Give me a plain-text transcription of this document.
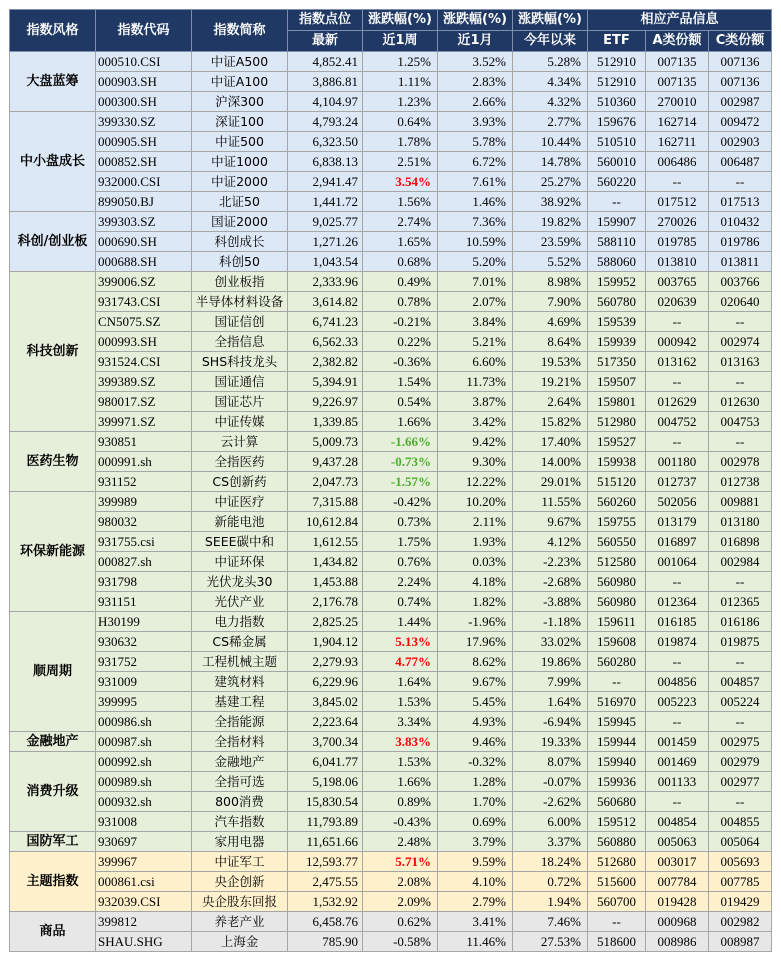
指数风格	指数代码	指数简称	指数点位	涨跌幅(%)	涨跌幅(%)	涨跌幅(%)	相应产品信息		
			最新	近1周	近1月	今年以来	ETF	A类份额	C类份额
大盘蓝筹	000510.CSI	中证A500	4,852.41	1.25%	3.52%	5.28%	512910	007135	007136
	000903.SH	中证A100	3,886.81	1.11%	2.83%	4.34%	512910	007135	007136
	000300.SH	沪深300	4,104.97	1.23%	2.66%	4.32%	510360	270010	002987
中小盘成长	399330.SZ	深证100	4,793.24	0.64%	3.93%	2.77%	159676	162714	009472
	000905.SH	中证500	6,323.50	1.78%	5.78%	10.44%	510510	162711	002903
	000852.SH	中证1000	6,838.13	2.51%	6.72%	14.78%	560010	006486	006487
	932000.CSI	中证2000	2,941.47	3.54%	7.61%	25.27%	560220	--	--
	899050.BJ	北证50	1,441.72	1.56%	1.46%	38.92%	--	017512	017513
科创/创业板	399303.SZ	国证2000	9,025.77	2.74%	7.36%	19.82%	159907	270026	010432
	000690.SH	科创成长	1,271.26	1.65%	10.59%	23.59%	588110	019785	019786
	000688.SH	科创50	1,043.54	0.68%	5.20%	5.52%	588060	013810	013811
科技创新	399006.SZ	创业板指	2,333.96	0.49%	7.01%	8.98%	159952	003765	003766
	931743.CSI	半导体材料设备	3,614.82	0.78%	2.07%	7.90%	560780	020639	020640
	CN5075.SZ	国证信创	6,741.23	-0.21%	3.84%	4.69%	159539	--	--
	000993.SH	全指信息	6,562.33	0.22%	5.21%	8.64%	159939	000942	002974
	931524.CSI	SHS科技龙头	2,382.82	-0.36%	6.60%	19.53%	517350	013162	013163
	399389.SZ	国证通信	5,394.91	1.54%	11.73%	19.21%	159507	--	--
	980017.SZ	国证芯片	9,226.97	0.54%	3.87%	2.64%	159801	012629	012630
	399971.SZ	中证传媒	1,339.85	1.66%	3.42%	15.82%	512980	004752	004753
医药生物	930851	云计算	5,009.73	-1.66%	9.42%	17.40%	159527	--	--
	000991.sh	全指医药	9,437.28	-0.73%	9.30%	14.00%	159938	001180	002978
	931152	CS创新药	2,047.73	-1.57%	12.22%	29.01%	515120	012737	012738
环保新能源	399989	中证医疗	7,315.88	-0.42%	10.20%	11.55%	560260	502056	009881
	980032	新能电池	10,612.84	0.73%	2.11%	9.67%	159755	013179	013180
	931755.csi	SEEE碳中和	1,612.55	1.75%	1.93%	4.12%	560550	016897	016898
	000827.sh	中证环保	1,434.82	0.76%	0.03%	-2.23%	512580	001064	002984
	931798	光伏龙头30	1,453.88	2.24%	4.18%	-2.68%	560980	--	--
	931151	光伏产业	2,176.78	0.74%	1.82%	-3.88%	560980	012364	012365
顺周期	H30199	电力指数	2,825.25	1.44%	-1.96%	-1.18%	159611	016185	016186
	930632	CS稀金属	1,904.12	5.13%	17.96%	33.02%	159608	019874	019875
	931752	工程机械主题	2,279.93	4.77%	8.62%	19.86%	560280	--	--
	931009	建筑材料	6,229.96	1.64%	9.67%	7.99%	--	004856	004857
	399995	基建工程	3,845.02	1.53%	5.45%	1.64%	516970	005223	005224
	000986.sh	全指能源	2,223.64	3.34%	4.93%	-6.94%	159945	--	--
金融地产	000987.sh	全指材料	3,700.34	3.83%	9.46%	19.33%	159944	001459	002975
消费升级	000992.sh	金融地产	6,041.77	1.53%	-0.32%	8.07%	159940	001469	002979
	000989.sh	全指可选	5,198.06	1.66%	1.28%	-0.07%	159936	001133	002977
	000932.sh	800消费	15,830.54	0.89%	1.70%	-2.62%	560680	--	--
	931008	汽车指数	11,793.89	-0.43%	0.69%	6.00%	159512	004854	004855
国防军工	930697	家用电器	11,651.66	2.48%	3.79%	3.37%	560880	005063	005064
主题指数	399967	中证军工	12,593.77	5.71%	9.59%	18.24%	512680	003017	005693
	000861.csi	央企创新	2,475.55	2.08%	4.10%	0.72%	515600	007784	007785
	932039.CSI	央企股东回报	1,532.92	2.09%	2.79%	1.94%	560700	019428	019429
商品	399812	养老产业	6,458.76	0.62%	3.41%	7.46%	--	000968	002982
	SHAU.SHG	上海金	785.90	-0.58%	11.46%	27.53%	518600	008986	008987
